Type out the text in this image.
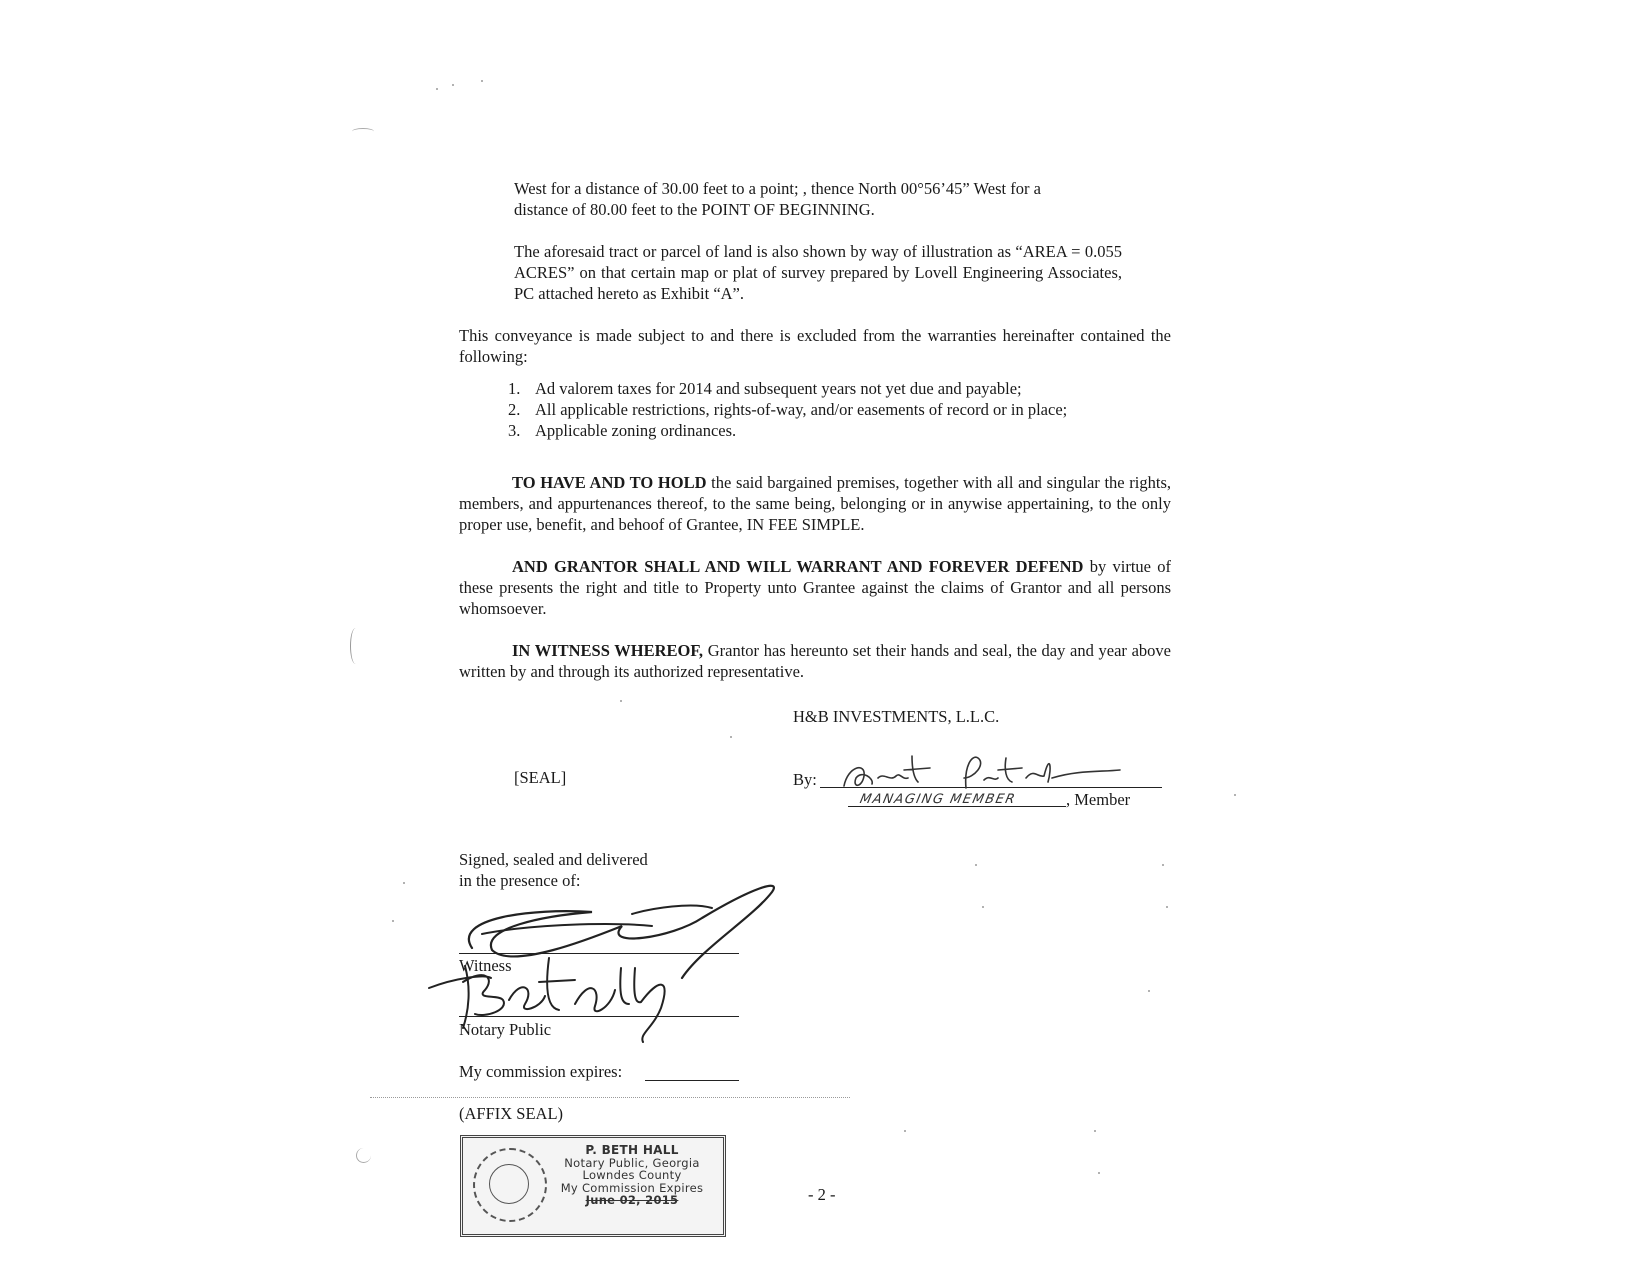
West for a distance of 30.00 feet to a point; , thence North 00°56’45” West for a

distance of 80.00 feet to the POINT OF BEGINNING.

The aforesaid tract or parcel of land is also shown by way of illustration as “AREA = 0.055 ACRES” on that certain map or plat of survey prepared by Lovell Engineering Associates, PC attached hereto as Exhibit “A”.

This conveyance is made subject to and there is excluded from the warranties hereinafter contained the following:

1. Ad valorem taxes for 2014 and subsequent years not yet due and payable;
2. All applicable restrictions, rights-of-way, and/or easements of record or in place;
3. Applicable zoning ordinances.

TO HAVE AND TO HOLD the said bargained premises, together with all and singular the rights, members, and appurtenances thereof, to the same being, belonging or in anywise appertaining, to the only proper use, benefit, and behoof of Grantee, IN FEE SIMPLE.

AND GRANTOR SHALL AND WILL WARRANT AND FOREVER DEFEND by virtue of these presents the right and title to Property unto Grantee against the claims of Grantor and all persons whomsoever.

IN WITNESS WHEREOF, Grantor has hereunto set their hands and seal, the day and year above written by and through its authorized representative.

H&B INVESTMENTS, L.L.C.

[SEAL]	By:

MANAGING MEMBER	, Member

Signed, sealed and delivered

in the presence of:

Witness

Notary Public

My commission expires:

(AFFIX SEAL)

P. BETH HALL
Notary Public, Georgia
Lowndes County
My Commission Expires
June 02, 2015	- 2 -
